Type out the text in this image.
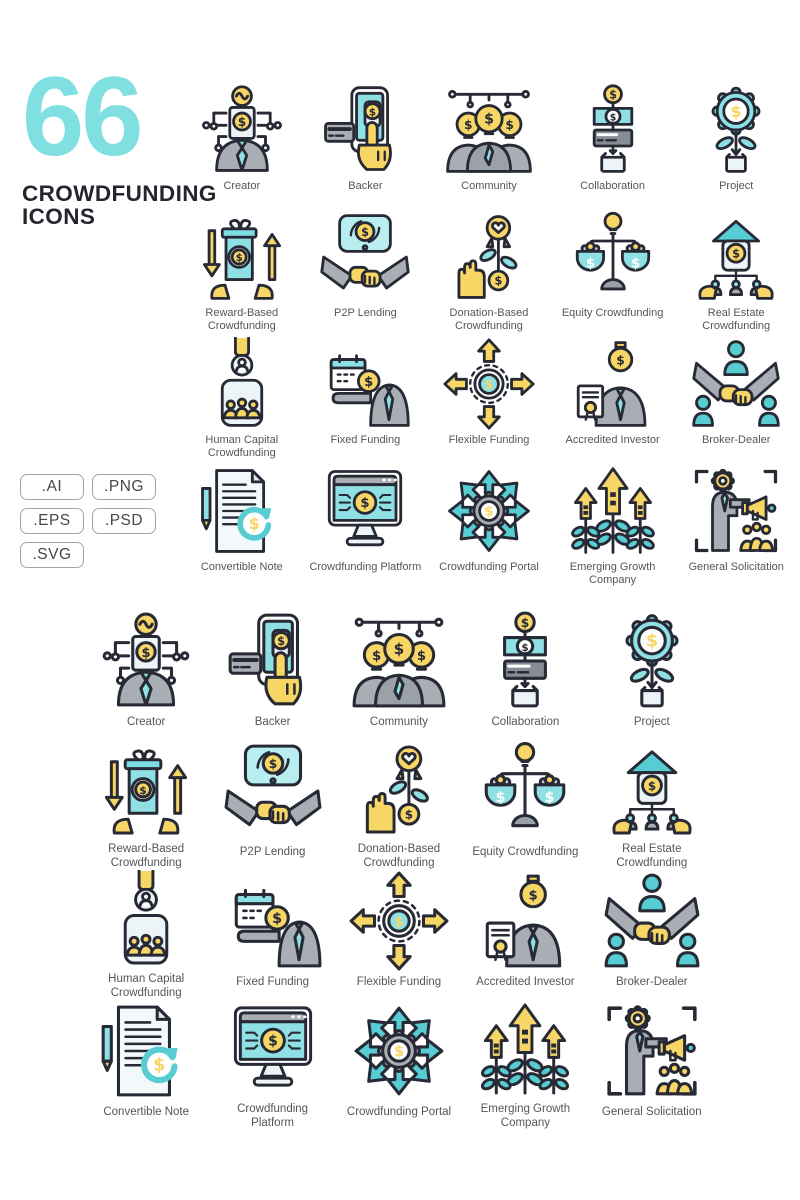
66
CROWDFUNDING
ICONS
.AI	.PNG
.EPS	.PSD
.SVG
Creator	Backer	Community	Collaboration	Project
Reward-Based Crowdfunding
P2P Lending	Donation-Based Crowdfunding
Equity Crowdfunding	Real Estate Crowdfunding
Human Capital Crowdfunding
Fixed Funding	Flexible Funding	Accredited Investor	Broker-Dealer
Convertible Note Crowdfunding Platform Crowdfunding Portal	Emerging Growth Company
General Solicitation
Creator	Backer	Community	Collaboration	Project
Reward-Based Crowdfunding
P2P Lending	Donation-Based Crowdfunding
Equity Crowdfunding	Real Estate Crowdfunding
Human Capital Crowdfunding
Fixed Funding	Flexible Funding	Accredited Investor	Broker-Dealer
Convertible Note	Crowdfunding Platform
Crowdfunding Portal	Emerging Growth Company
General Solicitation
